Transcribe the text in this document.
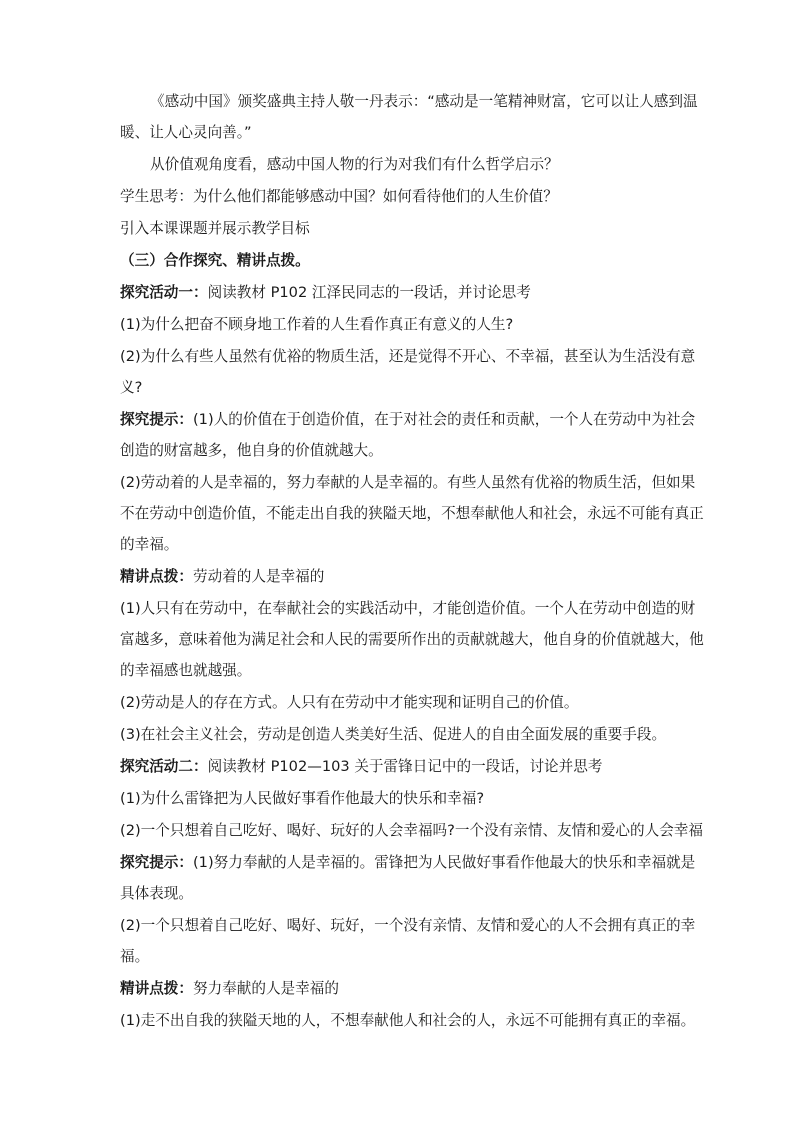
《感动中国》颁奖盛典主持人敬一丹表示：“感动是一笔精神财富，它可以让人感到温
暖、让人心灵向善。”
从价值观角度看，感动中国人物的行为对我们有什么哲学启示？
学生思考：为什么他们都能够感动中国？如何看待他们的人生价值？
引入本课课题并展示教学目标
（三）合作探究、精讲点拨。
探究活动一：阅读教材 P102 江泽民同志的一段话，并讨论思考
(1)为什么把奋不顾身地工作着的人生看作真正有意义的人生?
(2)为什么有些人虽然有优裕的物质生活，还是觉得不开心、不幸福，甚至认为生活没有意
义?
探究提示：(1)人的价值在于创造价值，在于对社会的责任和贡献，一个人在劳动中为社会
创造的财富越多，他自身的价值就越大。
(2)劳动着的人是幸福的，努力奉献的人是幸福的。有些人虽然有优裕的物质生活，但如果
不在劳动中创造价值，不能走出自我的狭隘天地，不想奉献他人和社会，永远不可能有真正
的幸福。
精讲点拨：劳动着的人是幸福的
(1)人只有在劳动中，在奉献社会的实践活动中，才能创造价值。一个人在劳动中创造的财
富越多，意味着他为满足社会和人民的需要所作出的贡献就越大，他自身的价值就越大，他
的幸福感也就越强。
(2)劳动是人的存在方式。人只有在劳动中才能实现和证明自己的价值。
(3)在社会主义社会，劳动是创造人类美好生活、促进人的自由全面发展的重要手段。
探究活动二：阅读教材 P102—103 关于雷锋日记中的一段话，讨论并思考
(1)为什么雷锋把为人民做好事看作他最大的快乐和幸福?
(2)一个只想着自己吃好、喝好、玩好的人会幸福吗?一个没有亲情、友情和爱心的人会幸福
探究提示：(1)努力奉献的人是幸福的。雷锋把为人民做好事看作他最大的快乐和幸福就是
具体表现。
(2)一个只想着自己吃好、喝好、玩好，一个没有亲情、友情和爱心的人不会拥有真正的幸
福。
精讲点拨：努力奉献的人是幸福的
(1)走不出自我的狭隘天地的人，不想奉献他人和社会的人，永远不可能拥有真正的幸福。
